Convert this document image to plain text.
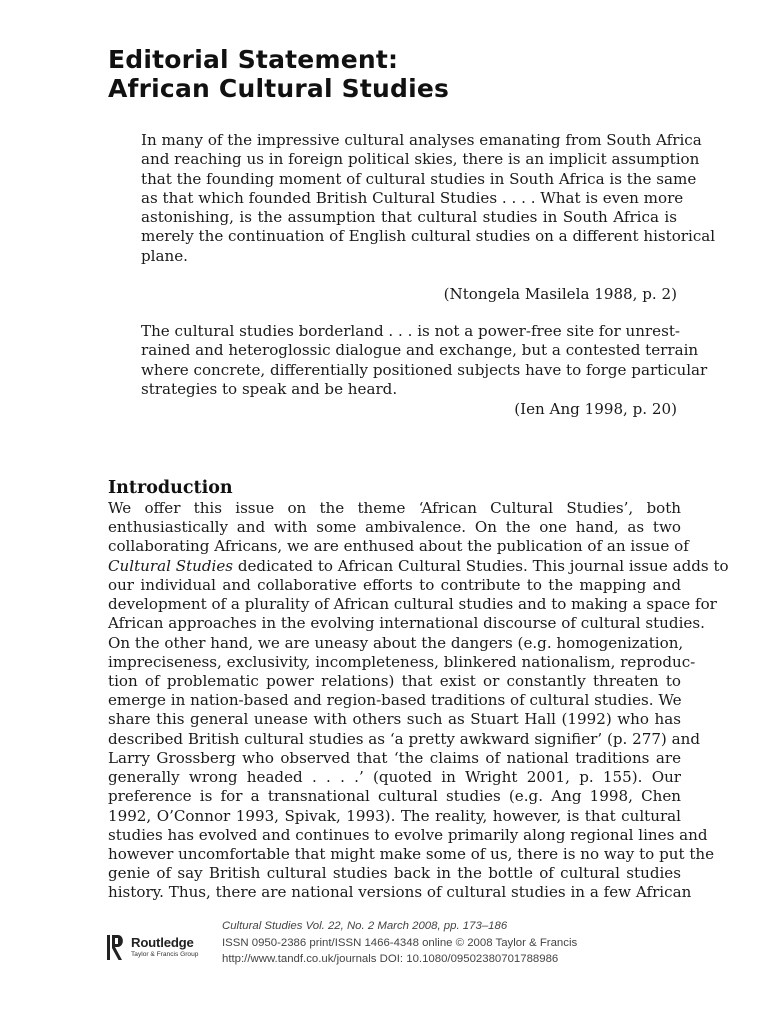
Editorial Statement:
African Cultural Studies
In many of the impressive cultural analyses emanating from South Africa
and reaching us in foreign political skies, there is an implicit assumption
that the founding moment of cultural studies in South Africa is the same
as that which founded British Cultural Studies . . . . What is even more
astonishing, is the assumption that cultural studies in South Africa is
merely the continuation of English cultural studies on a different historical
plane.
(Ntongela Masilela 1988, p. 2)
The cultural studies borderland . . . is not a power-free site for unrest-
rained and heteroglossic dialogue and exchange, but a contested terrain
where concrete, differentially positioned subjects have to forge particular
strategies to speak and be heard.
(Ien Ang 1998, p. 20)
Introduction
We offer this issue on the theme ‘African Cultural Studies’, both
enthusiastically and with some ambivalence. On the one hand, as two
collaborating Africans, we are enthused about the publication of an issue of
Cultural Studies dedicated to African Cultural Studies. This journal issue adds to
our individual and collaborative efforts to contribute to the mapping and
development of a plurality of African cultural studies and to making a space for
African approaches in the evolving international discourse of cultural studies.
On the other hand, we are uneasy about the dangers (e.g. homogenization,
impreciseness, exclusivity, incompleteness, blinkered nationalism, reproduc-
tion of problematic power relations) that exist or constantly threaten to
emerge in nation-based and region-based traditions of cultural studies. We
share this general unease with others such as Stuart Hall (1992) who has
described British cultural studies as ‘a pretty awkward signifier’ (p. 277) and
Larry Grossberg who observed that ‘the claims of national traditions are
generally wrong headed . . . .’ (quoted in Wright 2001, p. 155). Our
preference is for a transnational cultural studies (e.g. Ang 1998, Chen
1992, O’Connor 1993, Spivak, 1993). The reality, however, is that cultural
studies has evolved and continues to evolve primarily along regional lines and
however uncomfortable that might make some of us, there is no way to put the
genie of say British cultural studies back in the bottle of cultural studies
history. Thus, there are national versions of cultural studies in a few African
Routledge
Taylor & Francis Group
Cultural Studies Vol. 22, No. 2 March 2008, pp. 173–186
ISSN 0950-2386 print/ISSN 1466-4348 online © 2008 Taylor & Francis
http://www.tandf.co.uk/journals DOI: 10.1080/09502380701788986
